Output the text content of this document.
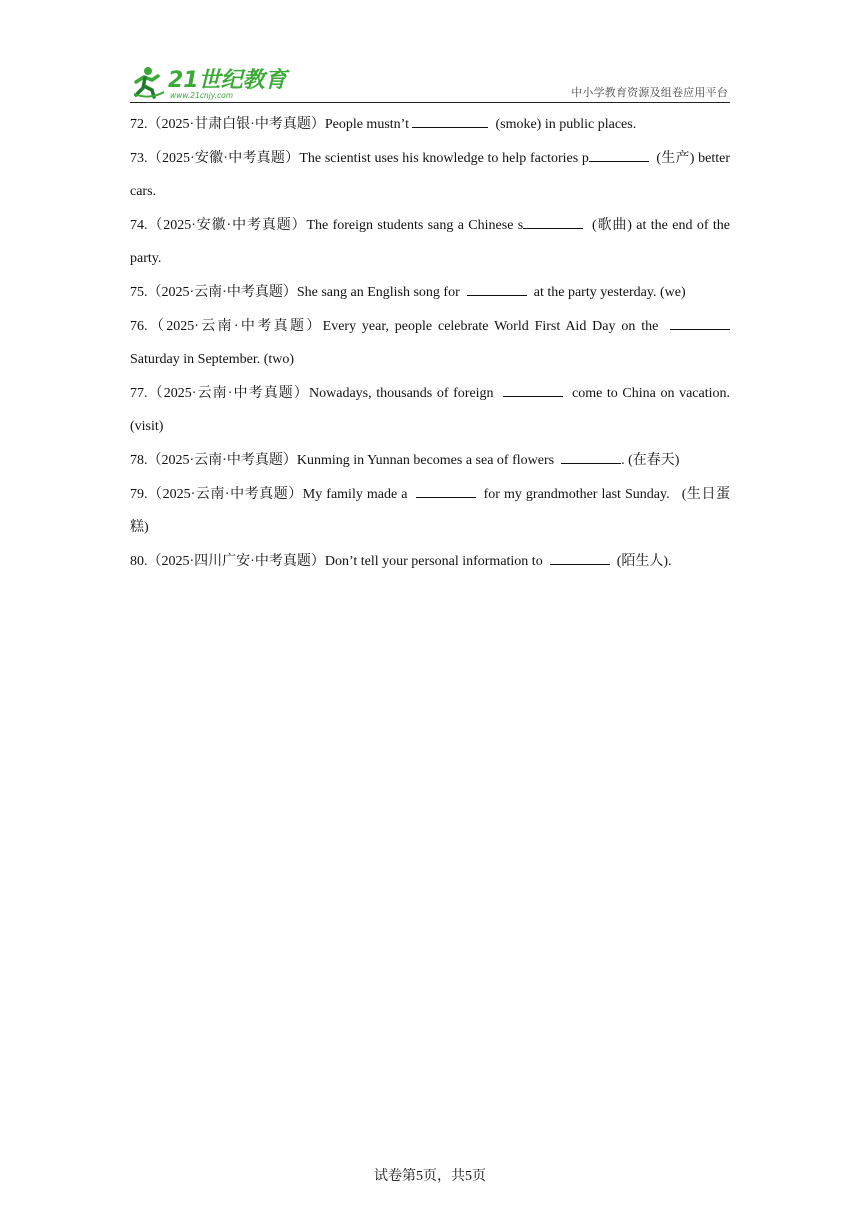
21世纪教育
www.21cnjy.com	中小学教育资源及组卷应用平台

72.（2025·甘肃白银·中考真题）People mustn’t	(smoke) in public places.

73.（2025·安徽·中考真题）The scientist uses his knowledge to help factories p	(生产) better cars.

74.（2025·安徽·中考真题）The foreign students sang a Chinese s	(歌曲) at the end of the party.

75.（2025·云南·中考真题）She sang an English song for	at the party yesterday. (we)

76.（2025·云南·中考真题）Every year, people celebrate World First Aid Day on the	Saturday in September. (two)

77.（2025·云南·中考真题）Nowadays, thousands of foreign	come to China on vacation. (visit)

78.（2025·云南·中考真题）Kunming in Yunnan becomes a sea of flowers	. (在春天)

79.（2025·云南·中考真题）My family made a	for my grandmother last Sunday.   (生日蛋糕)

80.（2025·四川广安·中考真题）Don’t tell your personal information to	(陌生人).

试卷第5页，共5页
